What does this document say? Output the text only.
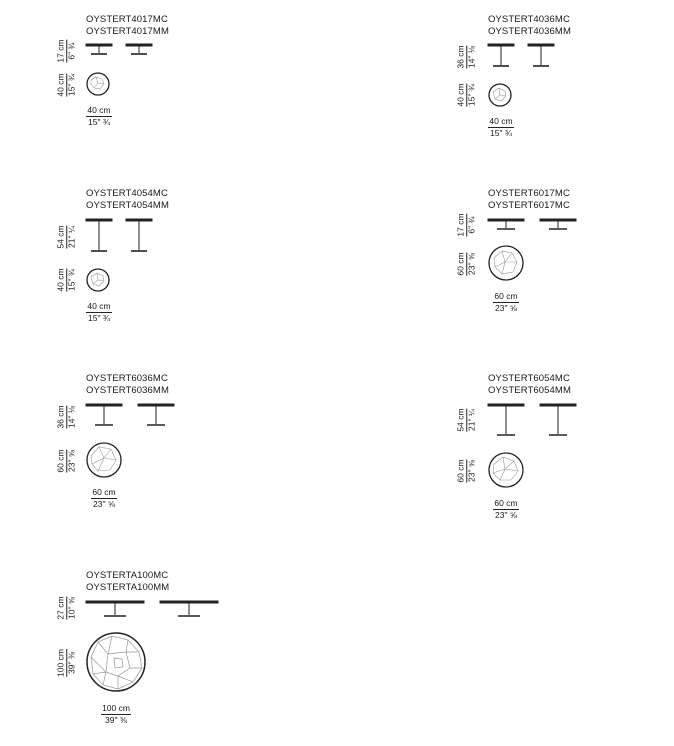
OYSTERT4017MC
OYSTERT4017MM
17 cm 6" ¾
40 cm 15" ¾
40 cm
15" ¾
OYSTERT4036MC
OYSTERT4036MM
36 cm 14" ⅛
40 cm 15" ¾
40 cm
15" ¾
OYSTERT4054MC
OYSTERT4054MM
54 cm 21" ¼
40 cm 15" ¾
40 cm
15" ¾
OYSTERT6017MC
OYSTERT6017MC
17 cm 6" ¾
60 cm 23" ⅝
60 cm
23" ⅝
OYSTERT6036MC
OYSTERT6036MM
36 cm 14" ⅛
60 cm 23" ⅝
60 cm
23" ⅝
OYSTERT6054MC
OYSTERT6054MM
54 cm 21" ¼
60 cm 23" ⅝
60 cm
23" ⅝
OYSTERTA100MC
OYSTERTA100MM
27 cm 10" ⅝
100 cm 39" ⅜
100 cm
39" ⅜
